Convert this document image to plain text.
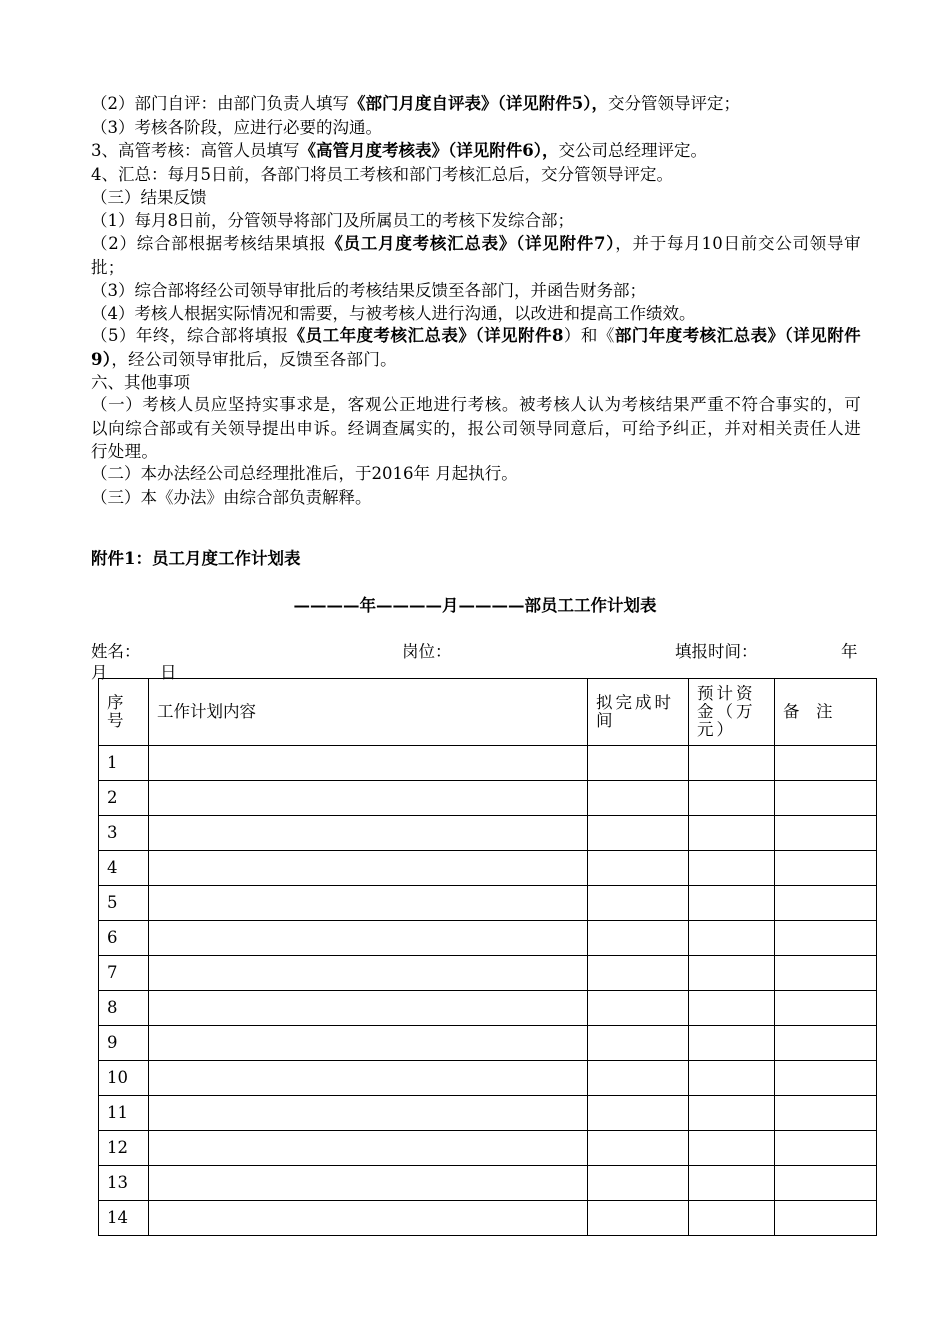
（2）部门自评：由部门负责人填写《部门月度自评表》（详见附件5），交分管领导评定；
（3）考核各阶段，应进行必要的沟通。
3、高管考核：高管人员填写《高管月度考核表》（详见附件6），交公司总经理评定。
4、汇总：每月5日前，各部门将员工考核和部门考核汇总后，交分管领导评定。
（三）结果反馈
（1）每月8日前，分管领导将部门及所属员工的考核下发综合部；
（2）综合部根据考核结果填报《员工月度考核汇总表》（详见附件7），并于每月10日前交公司领导审批；
（3）综合部将经公司领导审批后的考核结果反馈至各部门，并函告财务部；
（4）考核人根据实际情况和需要，与被考核人进行沟通，以改进和提高工作绩效。
（5）年终，综合部将填报《员工年度考核汇总表》（详见附件8）和《部门年度考核汇总表》（详见附件9），经公司领导审批后，反馈至各部门。
六、其他事项
（一）考核人员应坚持实事求是，客观公正地进行考核。被考核人认为考核结果严重不符合事实的，可以向综合部或有关领导提出申诉。经调查属实的，报公司领导同意后，可给予纠正，并对相关责任人进行处理。
（二）本办法经公司总经理批准后，于2016年 月起执行。
（三）本《办法》由综合部负责解释。
附件1：员工月度工作计划表
————年————月————部员工工作计划表
姓名：	岗位：	填报时间：	年
月	日
序号	工作计划内容	拟完成时间	预计资金（万元）	备　注
1				
2				
3				
4				
5				
6				
7				
8				
9				
10				
11				
12				
13				
14				
